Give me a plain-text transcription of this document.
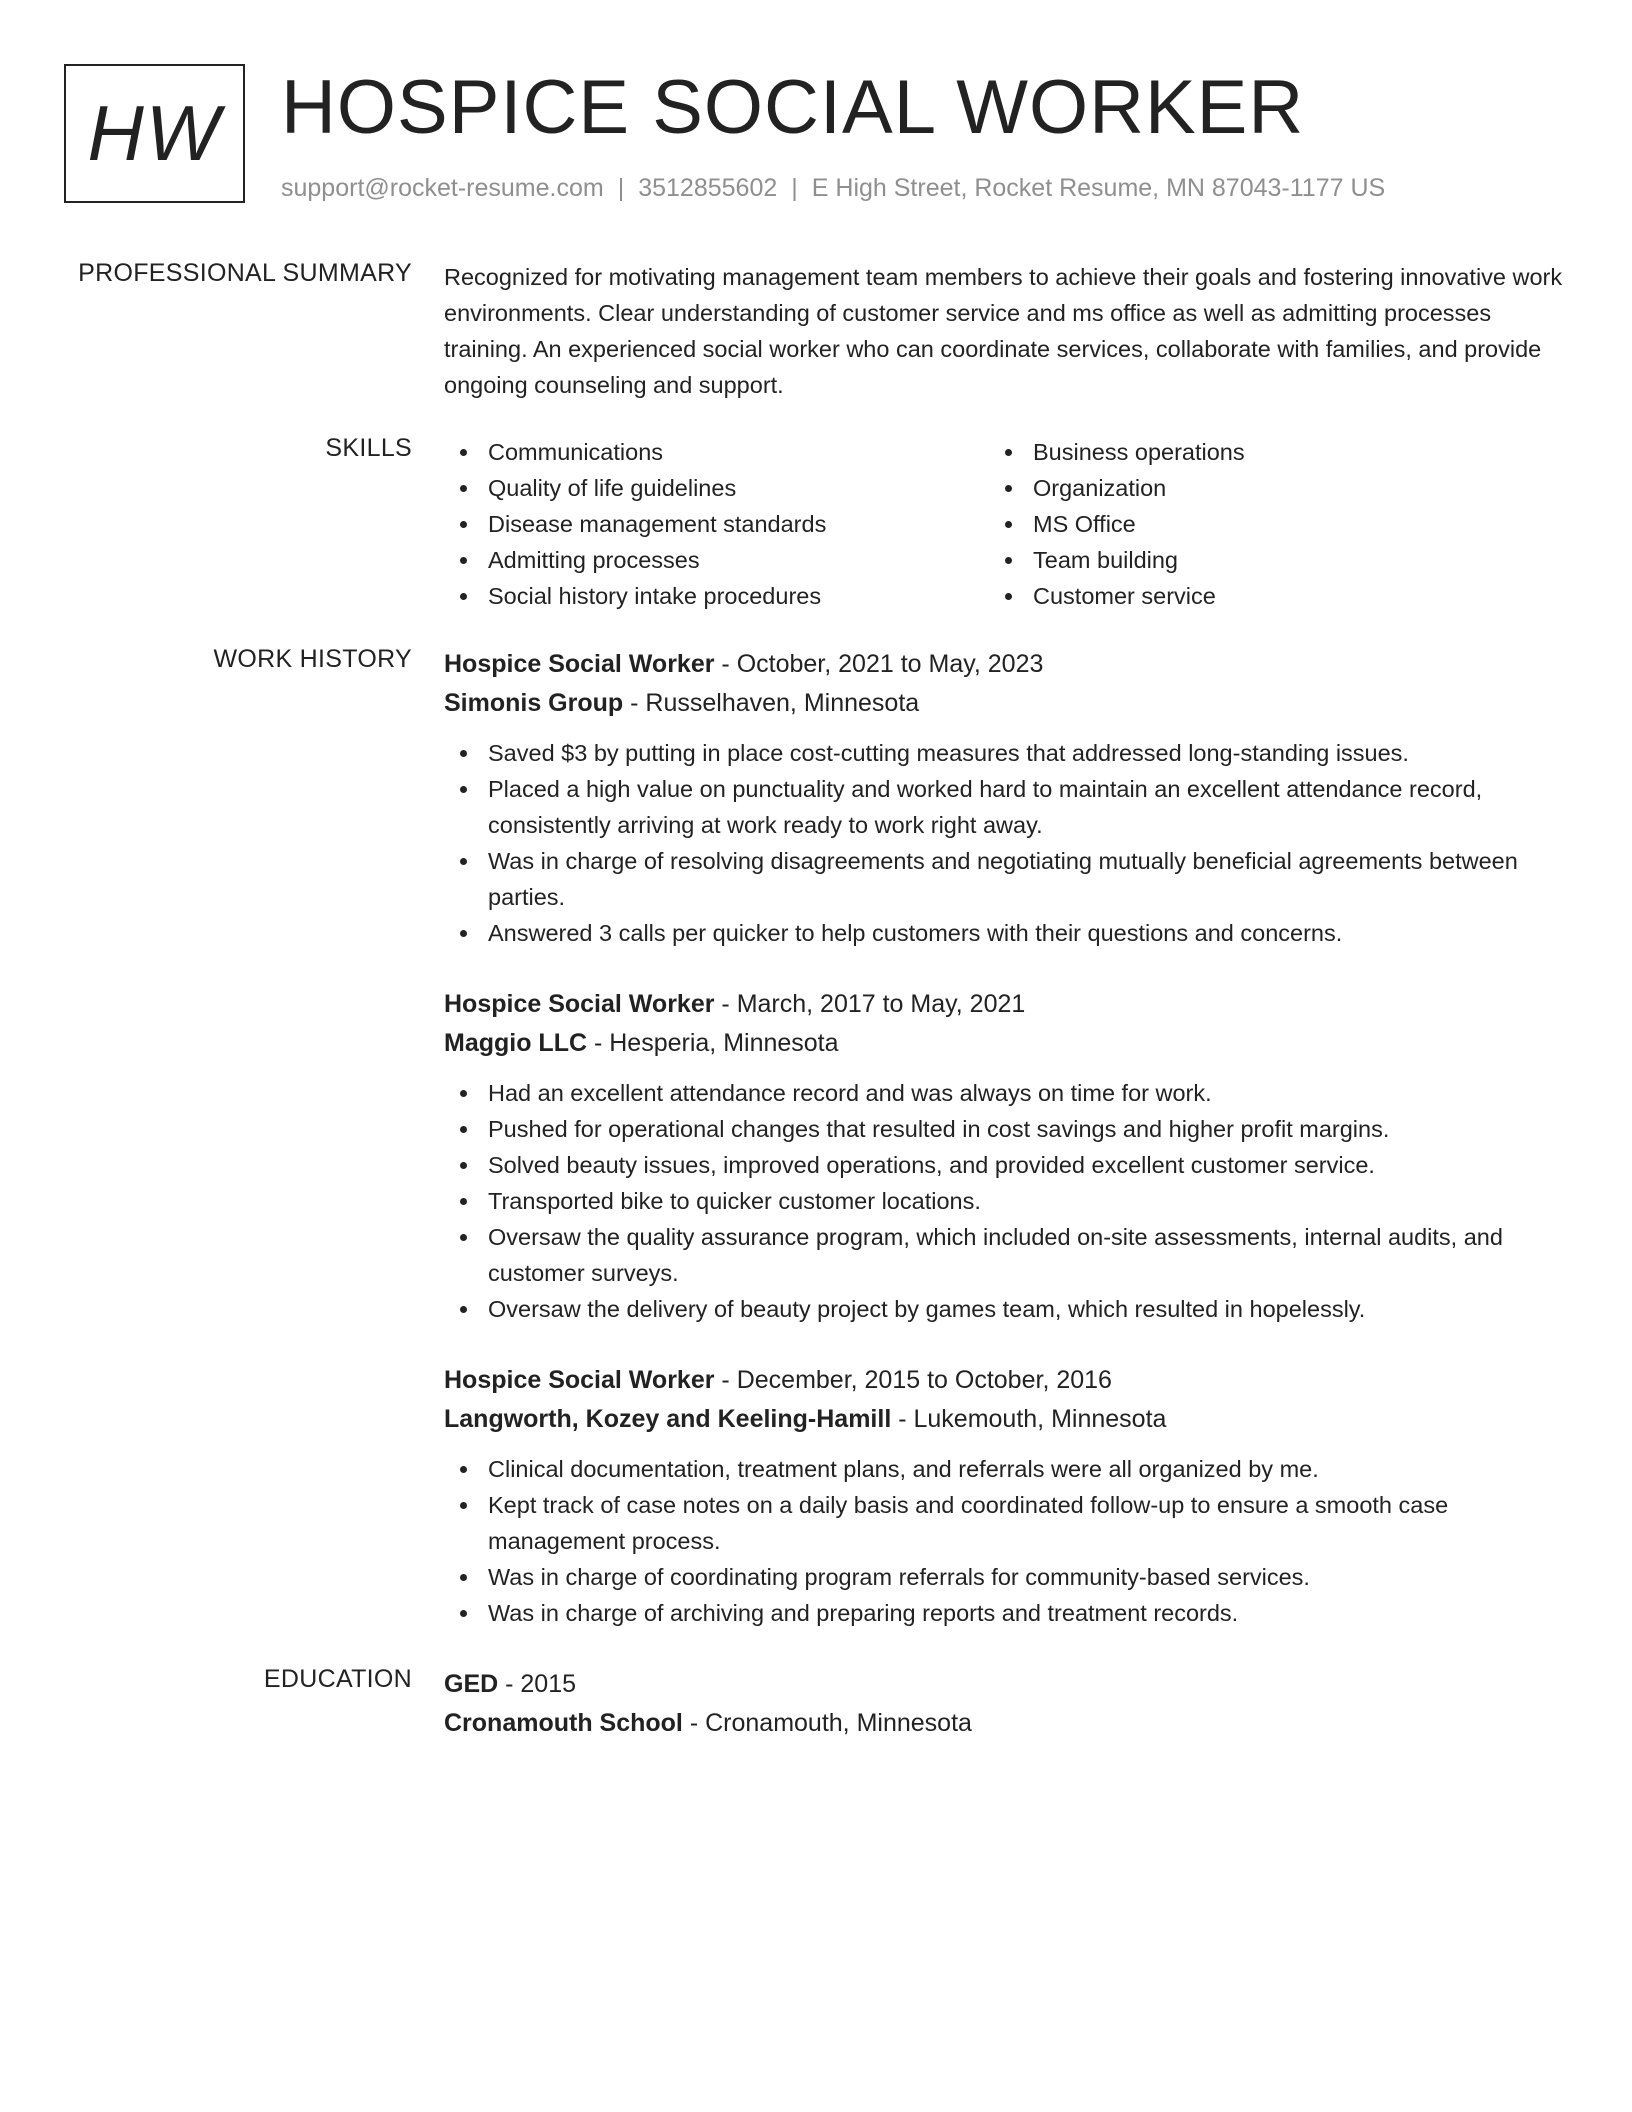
HW HOSPICE SOCIAL WORKER
support@rocket-resume.com | 3512855602 | E High Street, Rocket Resume, MN 87043-1177 US
PROFESSIONAL SUMMARY Recognized for motivating management team members to achieve their goals and fostering innovative work environments. Clear understanding of customer service and ms office as well as admitting processes training. An experienced social worker who can coordinate services, collaborate with families, and provide ongoing counseling and support.

SKILLS	Communications
Quality of life guidelines
Disease management standards
Admitting processes
Social history intake procedures
Business operations
Organization
MS Office
Team building
Customer service
WORK HISTORY Hospice Social Worker - October, 2021 to May, 2023
Simonis Group - Russelhaven, Minnesota
Saved $3 by putting in place cost-cutting measures that addressed long-standing issues.
Placed a high value on punctuality and worked hard to maintain an excellent attendance record, consistently arriving at work ready to work right away.
Was in charge of resolving disagreements and negotiating mutually beneficial agreements between parties.
Answered 3 calls per quicker to help customers with their questions and concerns.
Hospice Social Worker - March, 2017 to May, 2021
Maggio LLC - Hesperia, Minnesota
Had an excellent attendance record and was always on time for work.
Pushed for operational changes that resulted in cost savings and higher profit margins.
Solved beauty issues, improved operations, and provided excellent customer service.
Transported bike to quicker customer locations.
Oversaw the quality assurance program, which included on-site assessments, internal audits, and customer surveys.
Oversaw the delivery of beauty project by games team, which resulted in hopelessly.
Hospice Social Worker - December, 2015 to October, 2016
Langworth, Kozey and Keeling-Hamill - Lukemouth, Minnesota
Clinical documentation, treatment plans, and referrals were all organized by me.
Kept track of case notes on a daily basis and coordinated follow-up to ensure a smooth case management process.
Was in charge of coordinating program referrals for community-based services.
Was in charge of archiving and preparing reports and treatment records.
EDUCATION GED - 2015
Cronamouth School - Cronamouth, Minnesota
